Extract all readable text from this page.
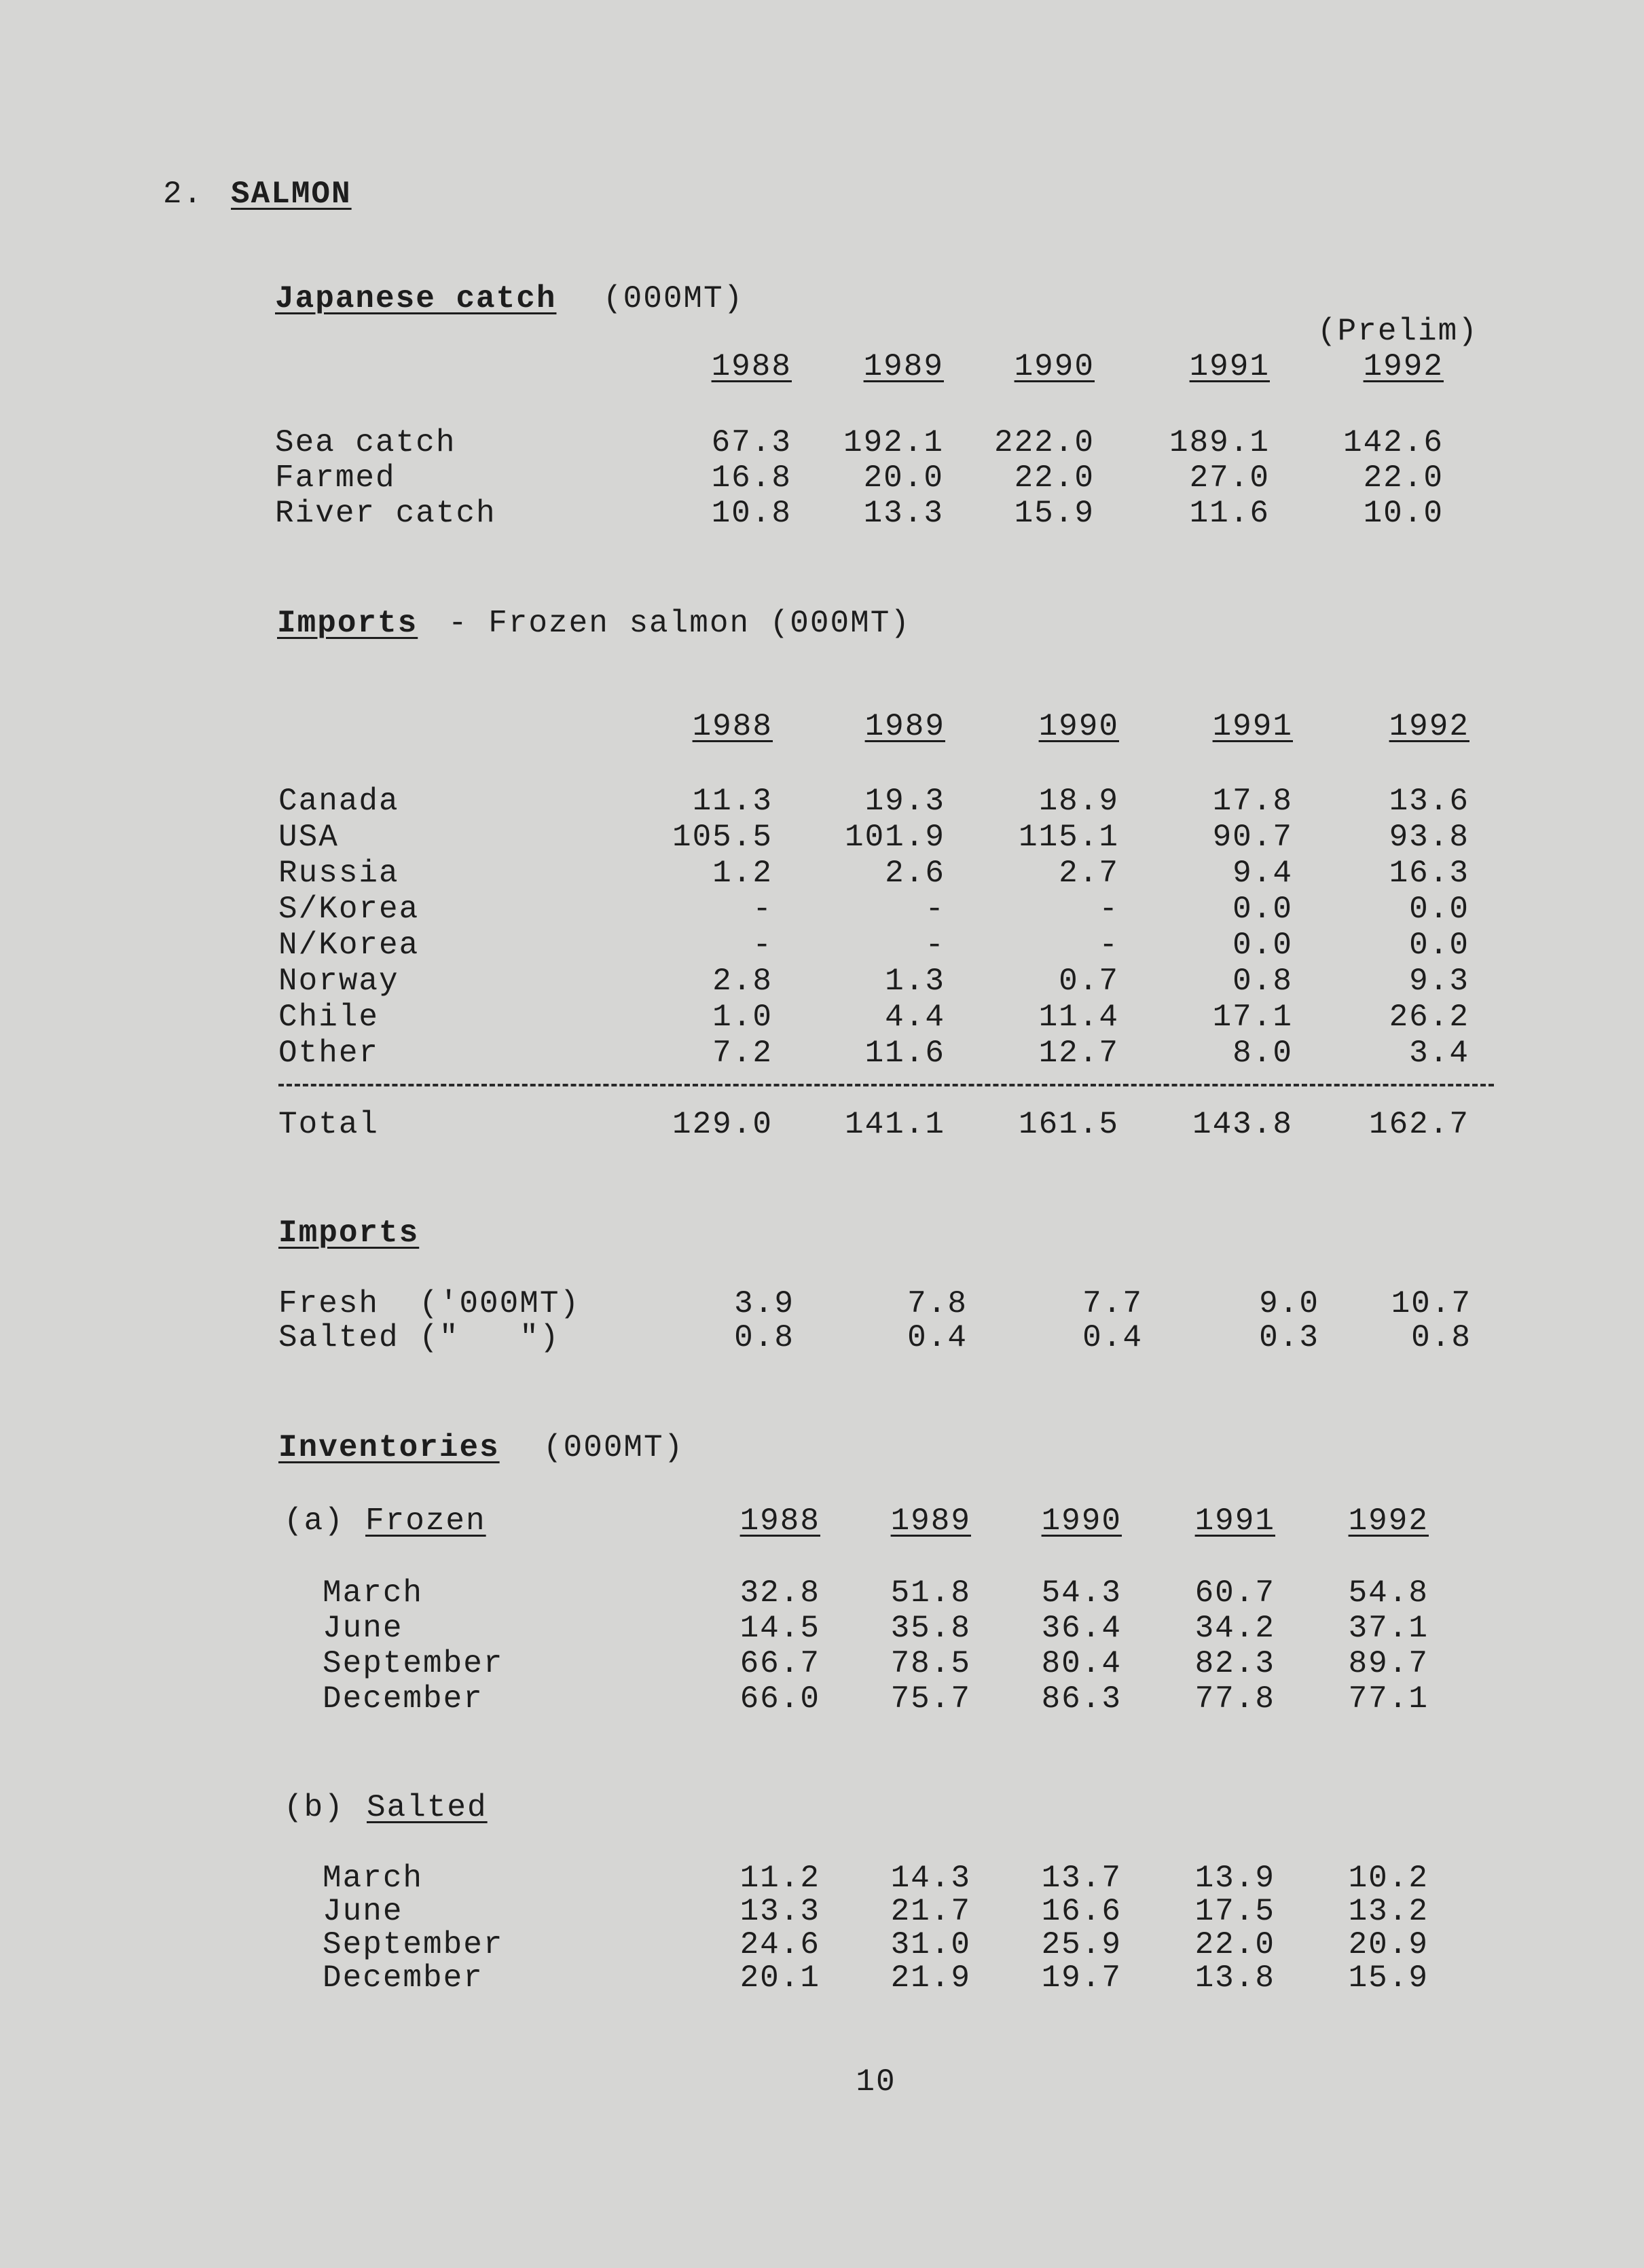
2. SALMON
Japanese catch (000MT)
(Prelim)
1988	1989	1990	1991	1992
Sea catch	67.3	192.1	222.0	189.1	142.6
Farmed	16.8	20.0	22.0	27.0	22.0
River catch	10.8	13.3	15.9	11.6	10.0
Imports - Frozen salmon (000MT)
1988	1989	1990	1991	1992
Canada	11.3	19.3	18.9	17.8	13.6
USA	105.5	101.9	115.1	90.7	93.8
Russia	1.2	2.6	2.7	9.4	16.3
S/Korea	-	-	-	0.0	0.0
N/Korea	-	-	-	0.0	0.0
Norway	2.8	1.3	0.7	0.8	9.3
Chile	1.0	4.4	11.4	17.1	26.2
Other	7.2	11.6	12.7	8.0	3.4
Total	129.0	141.1	161.5	143.8	162.7
Imports
Fresh  ('000MT)	3.9	7.8	7.7	9.0	10.7
Salted ("   ")	0.8	0.4	0.4	0.3	0.8
Inventories (000MT)
(a) Frozen	1988	1989	1990	1991	1992
March	32.8	51.8	54.3	60.7	54.8
June	14.5	35.8	36.4	34.2	37.1
September	66.7	78.5	80.4	82.3	89.7
December	66.0	75.7	86.3	77.8	77.1
(b) Salted
March	11.2	14.3	13.7	13.9	10.2
June	13.3	21.7	16.6	17.5	13.2
September	24.6	31.0	25.9	22.0	20.9
December	20.1	21.9	19.7	13.8	15.9
10
